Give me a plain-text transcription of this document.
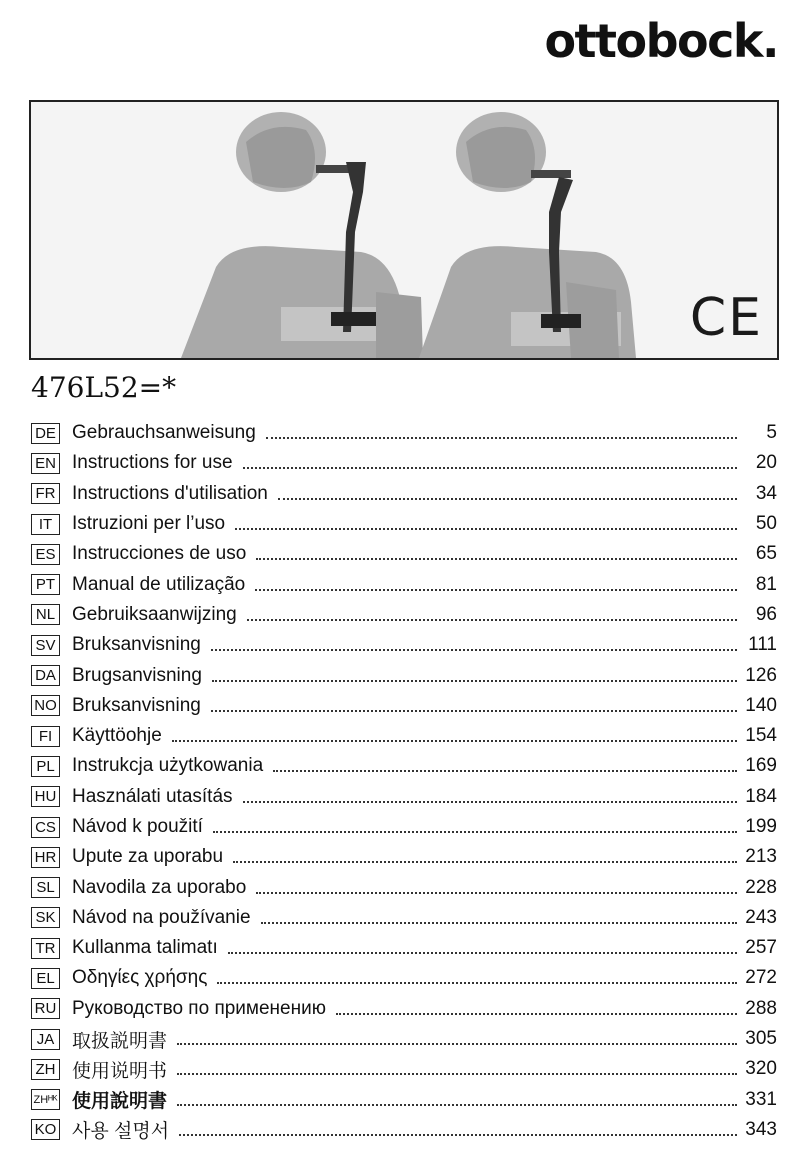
ottobock.
CE
476L52=*
DE Gebrauchsanweisung	5
EN Instructions for use	20
FR Instructions d'utilisation	34
IT	Istruzioni per l’uso	50
ES Instrucciones de uso	65
PT Manual de utilização	81
NL Gebruiksaanwijzing	96
SV Bruksanvisning	111
DA Brugsanvisning	126
NO Bruksanvisning	140
FI	Käyttöohje	154
PL Instrukcja użytkowania	169
HU Használati utasítás	184
CS Návod k použití	199
HR Upute za uporabu	213
SL Navodila za uporabo	228
SK Návod na používanie	243
TR Kullanma talimatı	257
EL Οδηγίες χρήσης	272
RU Руководство по применению	288
JA 取扱説明書	305
ZH 使用说明书	320
ZHᴴᴷ 使用說明書	331
KO 사용 설명서	343
